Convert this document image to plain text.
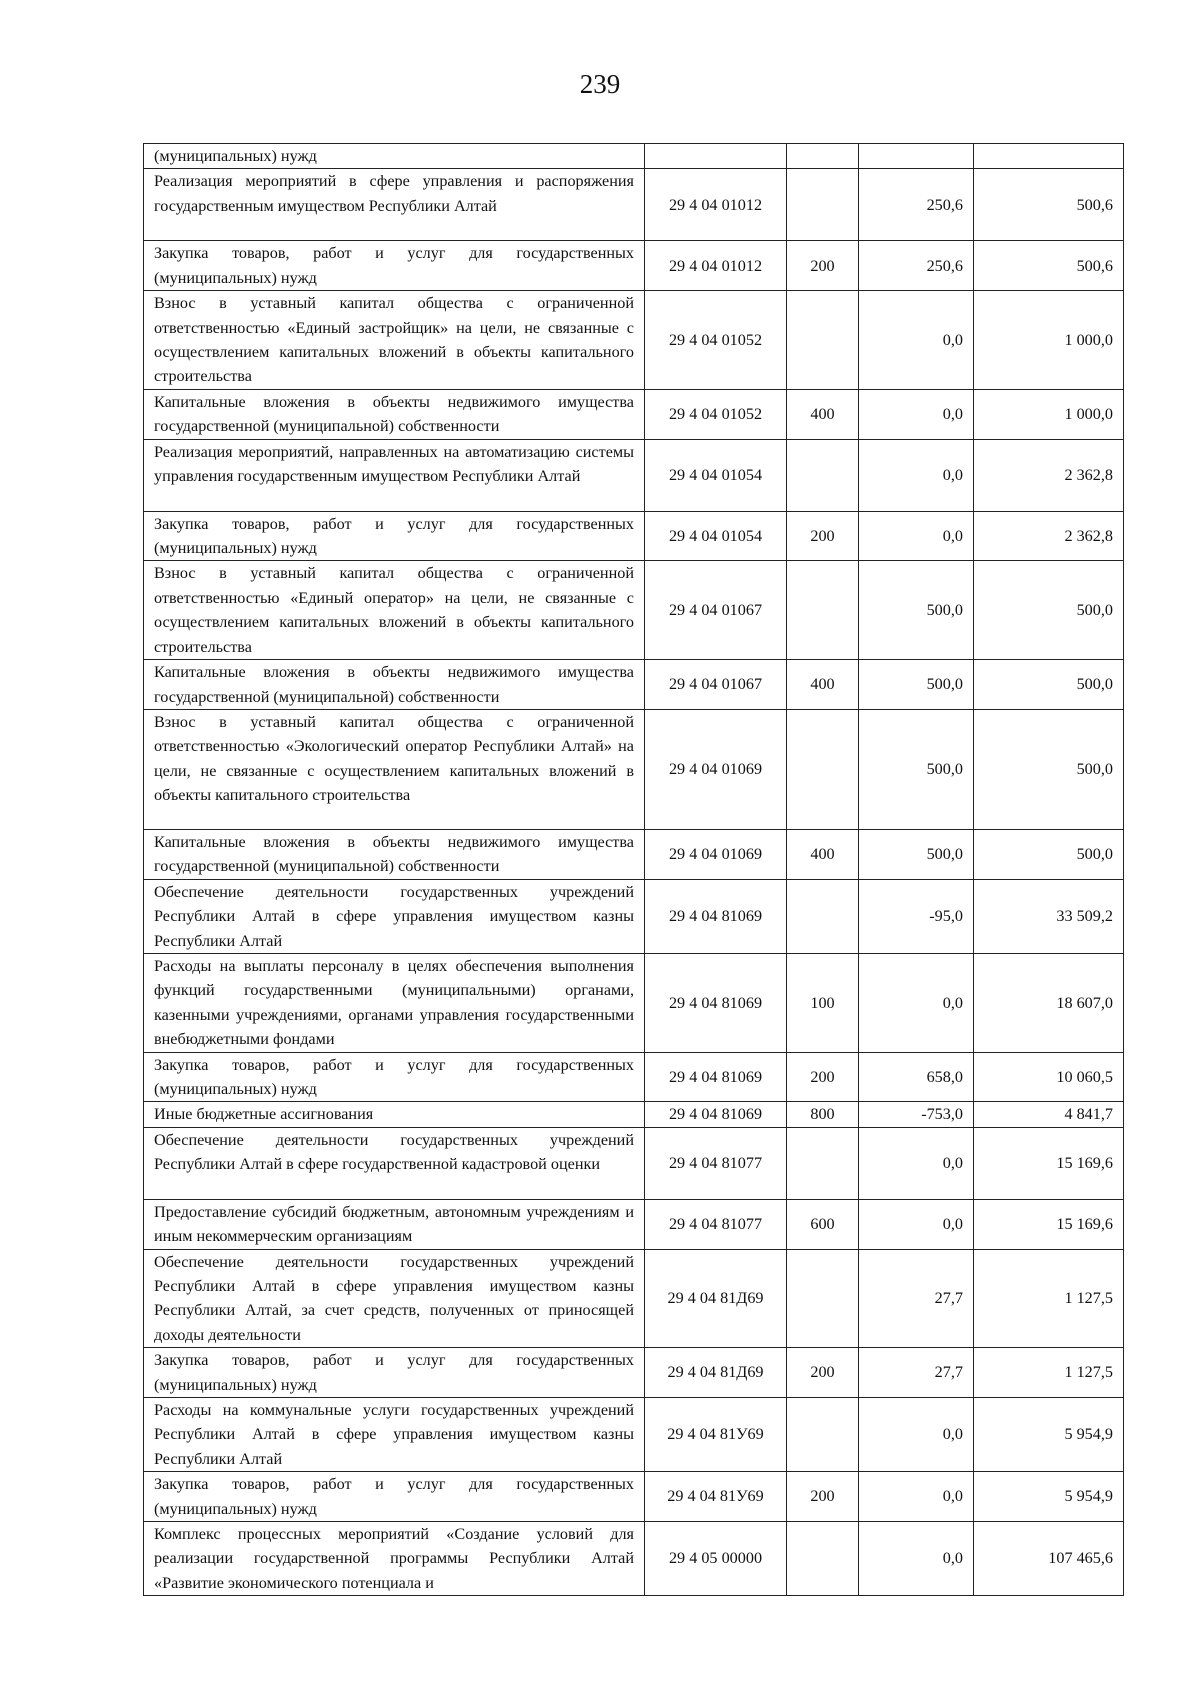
239
(муниципальных) нужд				
Реализация мероприятий в сфере управления и распоряжения государственным имуществом Республики Алтай	29 4 04 01012		250,6	500,6
Закупка товаров, работ и услуг для государственных (муниципальных) нужд	29 4 04 01012	200	250,6	500,6
Взнос в уставный капитал общества с ограниченной ответственностью «Единый застройщик» на цели, не связанные с осуществлением капитальных вложений в объекты капитального строительства	29 4 04 01052		0,0	1 000,0
Капитальные вложения в объекты недвижимого имущества государственной (муниципальной) собственности	29 4 04 01052	400	0,0	1 000,0
Реализация мероприятий, направленных на автоматизацию системы управления государственным имуществом Республики Алтай	29 4 04 01054		0,0	2 362,8
Закупка товаров, работ и услуг для государственных (муниципальных) нужд	29 4 04 01054	200	0,0	2 362,8
Взнос в уставный капитал общества с ограниченной ответственностью «Единый оператор» на цели, не связанные с осуществлением капитальных вложений в объекты капитального строительства	29 4 04 01067		500,0	500,0
Капитальные вложения в объекты недвижимого имущества государственной (муниципальной) собственности	29 4 04 01067	400	500,0	500,0
Взнос в уставный капитал общества с ограниченной ответственностью «Экологический оператор Республики Алтай» на цели, не связанные с осуществлением капитальных вложений в объекты капитального строительства	29 4 04 01069		500,0	500,0
Капитальные вложения в объекты недвижимого имущества государственной (муниципальной) собственности	29 4 04 01069	400	500,0	500,0
Обеспечение деятельности государственных учреждений Республики Алтай в сфере управления имуществом казны Республики Алтай	29 4 04 81069		-95,0	33 509,2
Расходы на выплаты персоналу в целях обеспечения выполнения функций государственными (муниципальными) органами, казенными учреждениями, органами управления государственными внебюджетными фондами	29 4 04 81069	100	0,0	18 607,0
Закупка товаров, работ и услуг для государственных (муниципальных) нужд	29 4 04 81069	200	658,0	10 060,5
Иные бюджетные ассигнования	29 4 04 81069	800	-753,0	4 841,7
Обеспечение деятельности государственных учреждений Республики Алтай в сфере государственной кадастровой оценки	29 4 04 81077		0,0	15 169,6
Предоставление субсидий бюджетным, автономным учреждениям и иным некоммерческим организациям	29 4 04 81077	600	0,0	15 169,6
Обеспечение деятельности государственных учреждений Республики Алтай в сфере управления имуществом казны Республики Алтай, за счет средств, полученных от приносящей доходы деятельности	29 4 04 81Д69		27,7	1 127,5
Закупка товаров, работ и услуг для государственных (муниципальных) нужд	29 4 04 81Д69	200	27,7	1 127,5
Расходы на коммунальные услуги государственных учреждений Республики Алтай в сфере управления имуществом казны Республики Алтай	29 4 04 81У69		0,0	5 954,9
Закупка товаров, работ и услуг для государственных (муниципальных) нужд	29 4 04 81У69	200	0,0	5 954,9
Комплекс процессных мероприятий «Создание условий для реализации государственной программы Республики Алтай «Развитие экономического потенциала и	29 4 05 00000		0,0	107 465,6
